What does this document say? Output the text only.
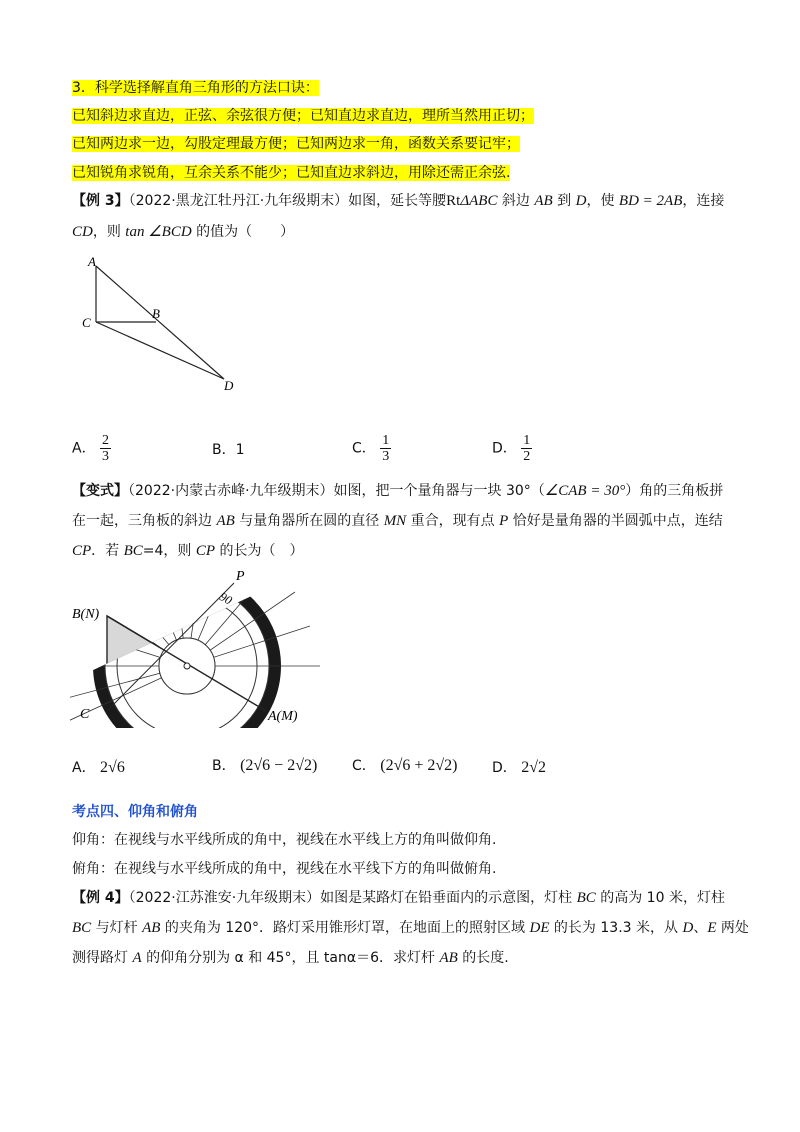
3．科学选择解直角三角形的方法口诀：
已知斜边求直边，正弦、余弦很方便；已知直边求直边，理所当然用正切；
已知两边求一边，勾股定理最方便；已知两边求一角，函数关系要记牢；
已知锐角求锐角，互余关系不能少；已知直边求斜边，用除还需正余弦.
【例 3】（2022·黑龙江牡丹江·九年级期末）如图，延长等腰RtΔABC 斜边 AB 到 D，使 BD = 2AB，连接
CD，则 tan ∠BCD 的值为（　　）
A
C
B
D
A． $\frac{2}{3}$	B．1	C． $\frac{1}{3}$	D． $\frac{1}{2}$
【变式】（2022·内蒙古赤峰·九年级期末）如图，把一个量角器与一块 30°（∠CAB = 30°）角的三角板拼
在一起，三角板的斜边 AB 与量角器所在圆的直径 MN 重合，现有点 P 恰好是量角器的半圆弧中点，连结
CP．若 BC=4，则 CP 的长为（　）
90
P
B(N)
C	A(M)
A． 2√6	B． (2√6 − 2√2) C． (2√6 + 2√2) D． 2√2
考点四、仰角和俯角
仰角：在视线与水平线所成的角中，视线在水平线上方的角叫做仰角.
俯角：在视线与水平线所成的角中，视线在水平线下方的角叫做俯角.
【例 4】（2022·江苏淮安·九年级期末）如图是某路灯在铅垂面内的示意图，灯柱 BC 的高为 10 米，灯柱
BC 与灯杆 AB 的夹角为 120°．路灯采用锥形灯罩，在地面上的照射区域 DE 的长为 13.3 米，从 D、E 两处
测得路灯 A 的仰角分别为 α 和 45°，且 tanα＝6．求灯杆 AB 的长度.
